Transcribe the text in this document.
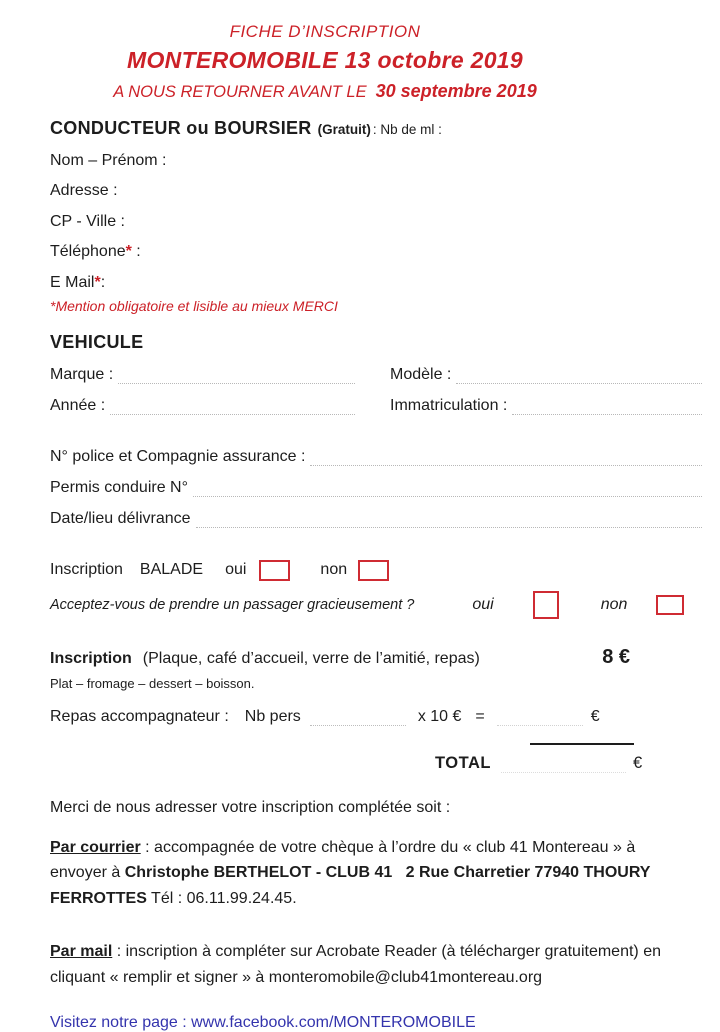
FICHE D’INSCRIPTION
MONTEROMOBILE 13 octobre 2019
A NOUS RETOURNER AVANT LE 30 septembre 2019
CONDUCTEUR ou BOURSIER (Gratuit) : Nb de ml :
Nom – Prénom :
Adresse :
CP - Ville :
Téléphone* :
E Mail*:
*Mention obligatoire et lisible au mieux MERCI
VEHICULE
Marque :	Modèle :
Année :	Immatriculation :
N° police et Compagnie assurance :
Permis conduire N°
Date/lieu délivrance
Inscription BALADE oui	non
Acceptez-vous de prendre un passager gracieusement ?	oui	non
Inscription (Plaque, café d’accueil, verre de l’amitié, repas)	8 €
Plat – fromage – dessert – boisson.
Repas accompagnateur : Nb pers	x 10 € =	€
TOTAL	€
Merci de nous adresser votre inscription complétée soit :
Par courrier : accompagnée de votre chèque à l’ordre du « club 41 Montereau » à envoyer à Christophe BERTHELOT - CLUB 41   2 Rue Charretier 77940 THOURY FERROTTES Tél : 06.11.99.24.45.
Par mail : inscription à compléter sur Acrobate Reader (à télécharger gratuitement) en cliquant « remplir et signer » à monteromobile@club41montereau.org
Visitez notre page : www.facebook.com/MONTEROMOBILE
